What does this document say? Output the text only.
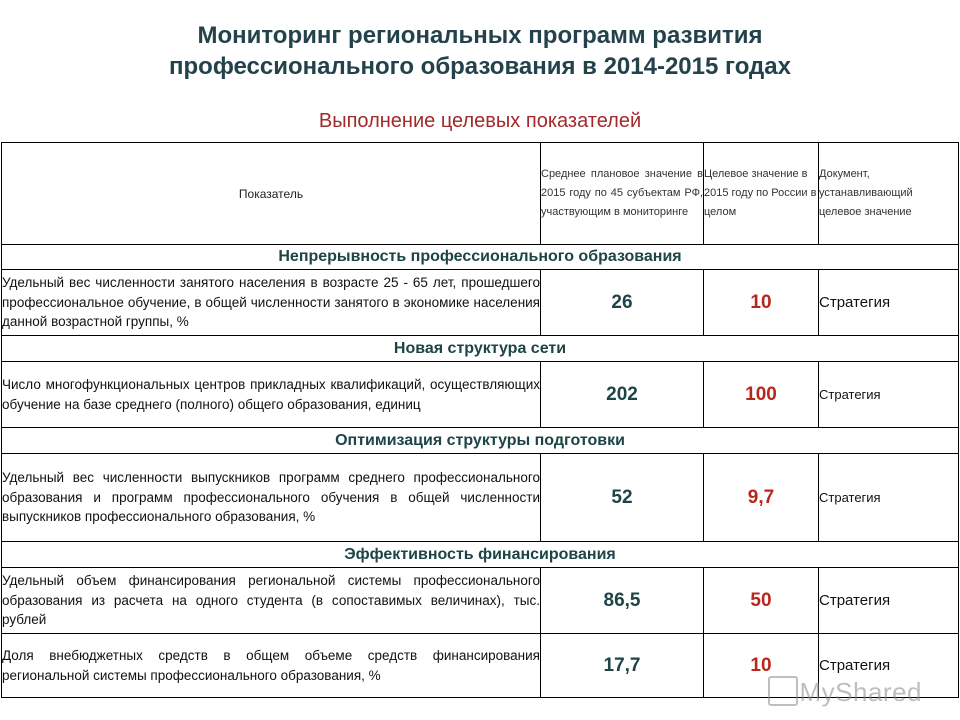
Мониторинг региональных программ развития
профессионального образования в 2014-2015 годах
Выполнение целевых показателей
Показатель	Среднее плановое значение в 2015 году по 45 субъектам РФ, участвующим в мониторинге	Целевое значение в 2015 году по России в целом	Документ, устанавливающий целевое значение
Непрерывность профессионального образования			
Удельный вес численности занятого населения в возрасте 25 - 65 лет, прошедшего профессиональное обучение, в общей численности занятого в экономике населения данной возрастной группы, %	26	10	Стратегия
Новая структура сети			
Число многофункциональных центров прикладных квалификаций, осуществляющих обучение на базе среднего (полного) общего образования, единиц	202	100	Стратегия
Оптимизация структуры подготовки			
Удельный вес численности выпускников программ среднего профессионального образования и программ профессионального обучения в общей численности выпускников профессионального образования, %	52	9,7	Стратегия
Эффективность финансирования			
Удельный объем финансирования региональной системы профессионального образования из расчета на одного студента (в сопоставимых величинах), тыс. рублей	86,5	50	Стратегия
Доля внебюджетных средств в общем объеме средств финансирования региональной системы профессионального образования, %	17,7	10	Стратегия
MyShared
